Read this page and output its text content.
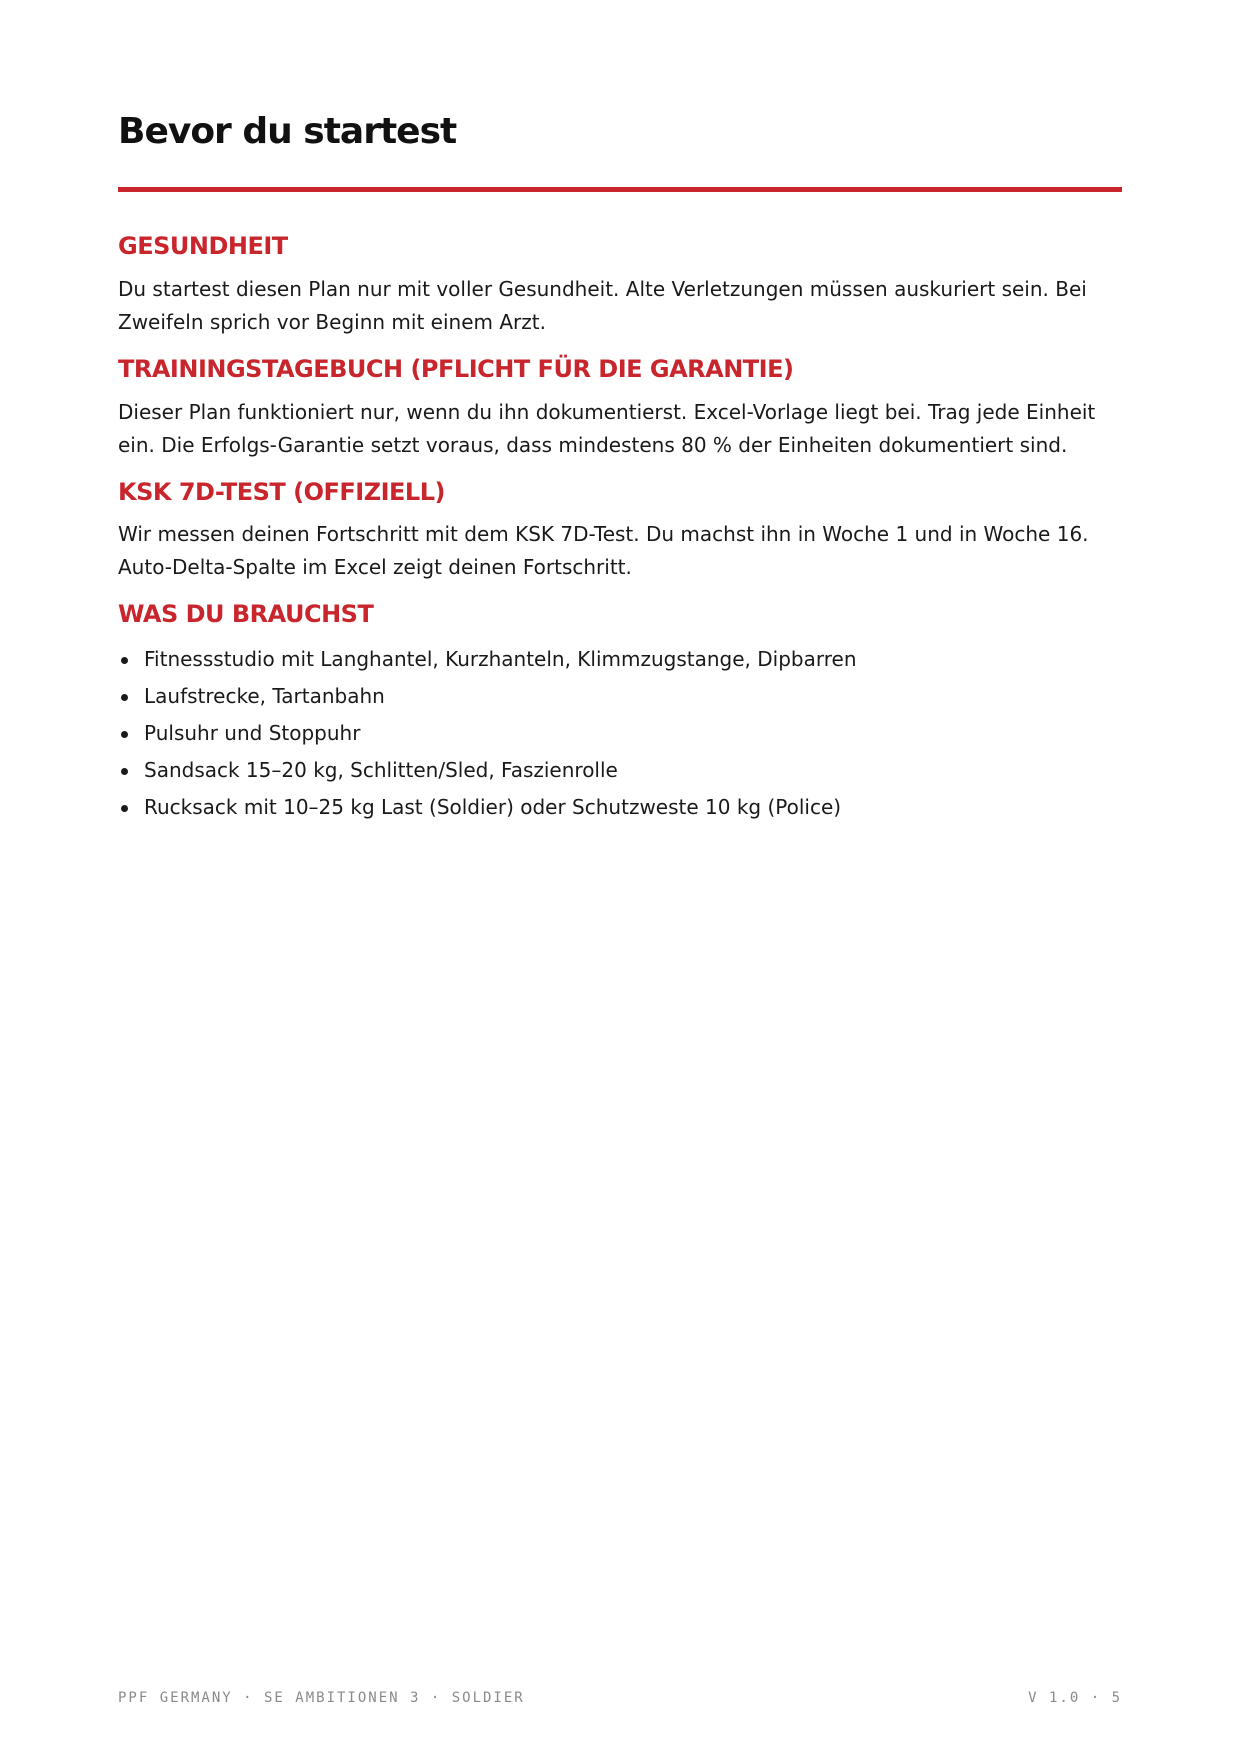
Bevor du startest
GESUNDHEIT

Du startest diesen Plan nur mit voller Gesundheit. Alte Verletzungen müssen auskuriert sein. Bei Zweifeln sprich vor Beginn mit einem Arzt.

TRAININGSTAGEBUCH (PFLICHT FÜR DIE GARANTIE)

Dieser Plan funktioniert nur, wenn du ihn dokumentierst. Excel-Vorlage liegt bei. Trag jede Einheit ein. Die Erfolgs-Garantie setzt voraus, dass mindestens 80 % der Einheiten dokumentiert sind.

KSK 7D-TEST (OFFIZIELL)

Wir messen deinen Fortschritt mit dem KSK 7D-Test. Du machst ihn in Woche 1 und in Woche 16. Auto-Delta-Spalte im Excel zeigt deinen Fortschritt.

WAS DU BRAUCHST
Fitnessstudio mit Langhantel, Kurzhanteln, Klimmzugstange, Dipbarren
Laufstrecke, Tartanbahn
Pulsuhr und Stoppuhr
Sandsack 15–20 kg, Schlitten/Sled, Faszienrolle
Rucksack mit 10–25 kg Last (Soldier) oder Schutzweste 10 kg (Police)
PPF GERMANY · SE AMBITIONEN 3 · SOLDIER	V 1.0 · 5
